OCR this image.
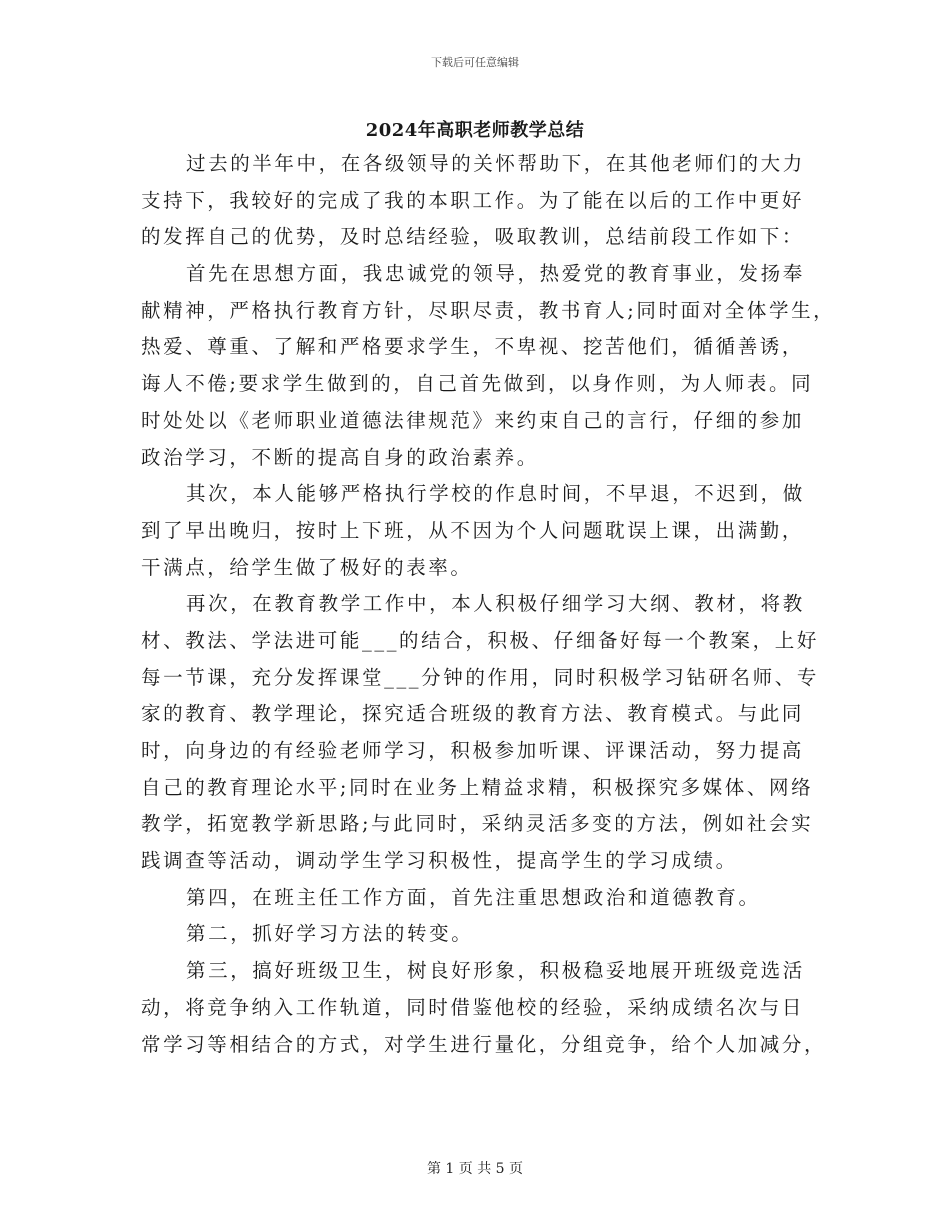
下载后可任意编辑
2024年高职老师教学总结
过去的半年中，在各级领导的关怀帮助下，在其他老师们的大力
支持下，我较好的完成了我的本职工作。为了能在以后的工作中更好
的发挥自己的优势，及时总结经验，吸取教训，总结前段工作如下：
首先在思想方面，我忠诚党的领导，热爱党的教育事业，发扬奉
献精神，严格执行教育方针，尽职尽责，教书育人;同时面对全体学生，
热爱、尊重、了解和严格要求学生，不卑视、挖苦他们，循循善诱，
诲人不倦;要求学生做到的，自己首先做到，以身作则，为人师表。同
时处处以《老师职业道德法律规范》来约束自己的言行，仔细的参加
政治学习，不断的提高自身的政治素养。
其次，本人能够严格执行学校的作息时间，不早退，不迟到，做
到了早出晚归，按时上下班，从不因为个人问题耽误上课，出满勤，
干满点，给学生做了极好的表率。
再次，在教育教学工作中，本人积极仔细学习大纲、教材，将教
材、教法、学法进可能___的结合，积极、仔细备好每一个教案，上好
每一节课，充分发挥课堂___分钟的作用，同时积极学习钻研名师、专
家的教育、教学理论，探究适合班级的教育方法、教育模式。与此同
时，向身边的有经验老师学习，积极参加听课、评课活动，努力提高
自己的教育理论水平;同时在业务上精益求精，积极探究多媒体、网络
教学，拓宽教学新思路;与此同时，采纳灵活多变的方法，例如社会实
践调查等活动，调动学生学习积极性，提高学生的学习成绩。
第四，在班主任工作方面，首先注重思想政治和道德教育。
第二，抓好学习方法的转变。
第三，搞好班级卫生，树良好形象，积极稳妥地展开班级竞选活
动，将竞争纳入工作轨道，同时借鉴他校的经验，采纳成绩名次与日
常学习等相结合的方式，对学生进行量化，分组竞争，给个人加减分，
第 1 页 共 5 页
